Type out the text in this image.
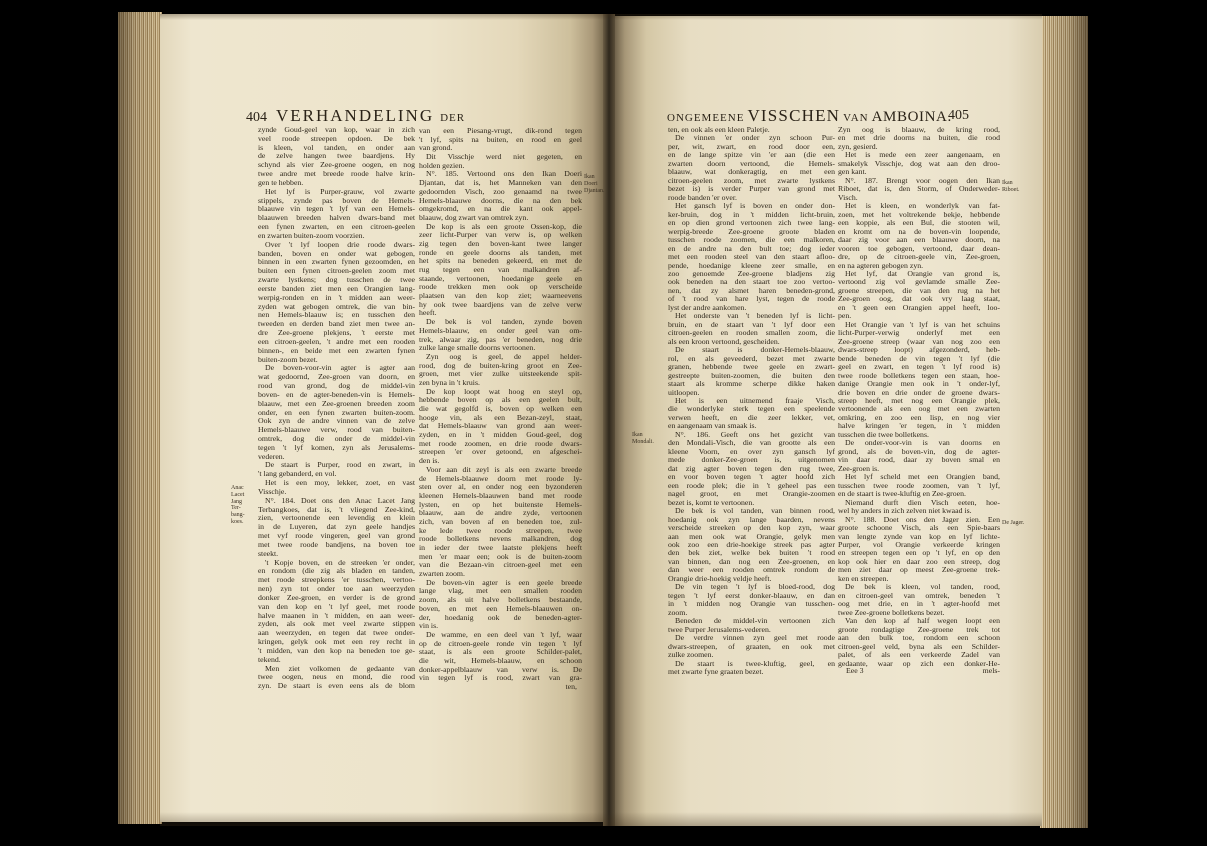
404 VERHANDELING DER	ONGEMEENE VISSCHEN VAN AMBOINA.
405
zynde Goud-geel van kop, waar in zich
veel roode streepen opdoen. De bek
is kleen, vol tanden, en onder aan
de zelve hangen twee baardjens. Hy
schynd als vier Zee-groene oogen, en nog
twee andre met breede roode halve krin-
gen te hebben.
Het lyf is Purper-grauw, vol zwarte
stippels, zynde pas boven de Hemels-
blaauwe vin tegen 't lyf van een Hemels-
blaauwen breeden halven dwars-band met
een fynen zwarten, en een citroen-geelen
en zwarten buiten-zoom voorzien.
Over 't lyf loopen drie roode dwars-
banden, boven en onder wat gebogen,
binnen in een zwarten fynen gezoomden, en
buiten een fynen citroen-geelen zoom met
zwarte lystkens; dog tusschen de twee
eerste banden ziet men een Orangien lang-
werpig-ronden en in 't midden aan weer-
zyden wat gebogen omtrek, die van bin-
nen Hemels-blaauw is; en tusschen den
tweeden en derden band ziet men twee an-
dre Zee-groene plekjens, 't eerste met
een citroen-geelen, 't andre met een rooden
binnen-, en beide met een zwarten fynen
buiten-zoom bezet.
De boven-voor-vin agter is agter aan
wat gedoornd, Zee-groen van doorn, en
rood van grond, dog de middel-vin
boven- en de agter-beneden-vin is Hemels-
blaauw, met een Zee-groenen breeden zoom
onder, en een fynen zwarten buiten-zoom.
Ook zyn de andre vinnen van de zelve
Hemels-blaauwe verw, rood van buiten-
omtrek, dog die onder de middel-vin
tegen 't lyf komen, zyn als Jerusalems-
vederen.
De staart is Purper, rood en zwart, in
't lang gebanderd, en vol.
Het is een moy, lekker, zoet, en vast
Visschje.
N°. 184. Doet ons den Anac Lacet Jang
Terbangkoes, dat is, 't vliegend Zee-kind,
zien, vertoonende een levendig en klein
in de Luyeren, dat zyn geele handjes
met vyf roode vingeren, geel van grond
met twee roode bandjens, na boven toe
steekt.
't Kopje boven, en de streeken 'er onder,
en rondom (die zig als bladen en tanden,
met roode streepkens 'er tusschen, vertoo-
nen) zyn tot onder toe aan weerzyden
donker Zee-groen, en verder is de grond
van den kop en 't lyf geel, met roode
halve maanen in 't midden, en aan weer-
zyden, als ook met veel zwarte stippen
aan weerzyden, en tegen dat twee onder-
kringen, gelyk ook met een rey recht in
't midden, van den kop na beneden toe ge-
tekend.
Men ziet volkomen de gedaante van
twee oogen, neus en mond, die rood
zyn. De staart is even eens als de blom
van een Piesang-vrugt, dik-rond tegen
't lyf, spits na buiten, en rood en geel
van grond.
Dit Visschje werd niet gegeten, en
holden gezien.
N°. 185. Vertoond ons den Ikan Doeri
Djantan, dat is, het Manneken van den
gedoornden Visch, zoo genaamd na twee
Hemels-blaauwe doorns, die na den bek
omgekromd, en na die kant ook appel-
blaauw, dog zwart van omtrek zyn.
De kop is als een groote Ossen-kop, die
zeer licht-Purper van verw is, op welken
zig tegen den boven-kant twee langer
ronde en geele doorns als tanden, met
het spits na beneden gekeerd, en met de
rug tegen een van malkandren af-
staande, vertoonen, hoedanige geele en
roode trekken men ook op verscheide
plaatsen van den kop ziet; waarneevens
hy ook twee baardjens van de zelve verw
heeft.
De bek is vol tanden, zynde boven
Hemels-blaauw, en onder geel van om-
trek, alwaar zig, pas 'er beneden, nog drie
zulke lange smalle doorns vertoonen.
Zyn oog is geel, de appel helder-
rood, dog de buiten-kring groot en Zee-
groen, met vier zulke uitsteekende spit-
zen byna in 't kruis.
De kop loopt wat hoog en steyl op,
hebbende boven op als een geelen bult,
die wat gegolfd is, boven op welken een
hooge vin, als een Bezan-zeyl, staat,
dat Hemels-blaauw van grond aan weer-
zyden, en in 't midden Goud-geel, dog
met roode zoomen, en drie roode dwars-
streepen 'er over getoond, en afgeschei-
den is.
Voor aan dit zeyl is als een zwarte breede
de Hemels-blaauwe doorn met roode ly-
sten over al, en onder nog een byzonderen
kleenen Hemels-blaauwen band met roode
lysten, en op het buitenste Hemels-
blaauw, aan de andre zyde, vertoonen
zich, van boven af en beneden toe, zul-
ke lede twee roode streepen, twee
roode bolletkens nevens malkandren, dog
in ieder der twee laatste plekjens heeft
men 'er maar een; ook is de buiten-zoom
van die Bezaan-vin citroen-geel met een
zwarten zoom.
De boven-vin agter is een geele breede
lange vlag, met een smallen rooden
zoom, als uit halve bolletkens bestaande,
boven, en met een Hemels-blaauwen on-
der, hoedanig ook de beneden-agter-
vin is.
De wamme, en een deel van 't lyf, waar
op de citroen-geele ronde vin tegen 't lyf
staat, is als een groote Schilder-palet,
die wit, Hemels-blaauw, en schoon
donker-appelblaauw van verw is. De
vin tegen lyf is rood, zwart van gra-
ten, en ook als een kleen Paletje.
De vinnen 'er onder zyn schoon Pur-
per, wit, zwart, en rood door een,
en de lange spitze vin 'er aan (die een
zwarten doorn vertoond, die Hemels-
blaauw, wat donkeragtig, en met een
citroen-geelen zoom, met zwarte lystkens
bezet is) is verder Purper van grond met
roode banden 'er over.
Het gansch lyf is boven en onder don-
ker-bruin, dog in 't midden licht-bruin,
en op dien grond vertoonen zich twee lang-
werpig-breede Zee-groene groote bladen
tusschen roode zoomen, die een malkoren,
en de andre na den bult toe; dog ieder
met een rooden steel van den staart afloo-
pende, hoedanige kleene zeer smalle, en
zoo genoemde Zee-groene bladjens zig
ook beneden na den staart toe zoo vertoo-
nen, dat zy alsmet haren beneden-grond,
of 't rood van hare lyst, tegen de roode
lyst der andre aankomen.
Het onderste van 't beneden lyf is licht-
bruin, en de staart van 't lyf door een
citroen-geelen en rooden smallen zoom, die
als een kroon vertoond, gescheiden.
De staart is donker-Hemels-blaauw,
rol, en als geveederd, bezet met zwarte
granen, hebbende twee geele en zwart-
gestreepte buiten-zoomen, die buiten den
staart als kromme scherpe dikke haken
uitloopen.
Het is een uitnemend fraaje Visch,
die wonderlyke sterk tegen een speelende
verwen heeft, en die zeer lekker, vet,
en aangenaam van smaak is.
N°. 186. Geeft ons het gezicht van
den Mondali-Visch, die van grootte als een
kleene Voorn, en over zyn gansch lyf
mede donker-Zee-groen is, uitgenomen
dat zig agter boven tegen den rug twee,
en voor boven tegen 't agter hoofd zich
een roode plek; die in 't geheel pas een
nagel groot, en met Orangie-zoomen
bezet is, komt te vertoonen.
De bek is vol tanden, van binnen rood,
hoedanig ook zyn lange baarden, nevens
verscheide streeken op den kop zyn, waar
aan men ook wat Orangie, gelyk men
ook zoo een drie-hoekige streek pas agter
den bek ziet, welke bek buiten 't rood
van binnen, dan nog een Zee-groenen, en
dan weer een rooden omtrek rondom de
Orangie drie-hoekig veldje heeft.
De vin tegen 't lyf is bloed-rood, dog
tegen 't lyf eerst donker-blaauw, en dan
in 't midden nog Orangie van tusschen-
zoom.
Beneden de middel-vin vertoonen zich
twee Purper Jerusalems-vederen.
De verdre vinnen zyn geel met roode
dwars-streepen, of graaten, en ook met
zulke zoomen.
De staart is twee-kluftig, geel, en
met zwarte fyne graaten bezet.
Zyn oog is blaauw, de kring rood,
en met drie doorns na buiten, die rood
zyn, gesierd.
Het is mede een zeer aangenaam, en
smakelyk Visschje, dog wat aan den droo-
gen kant.
N°. 187. Brengt voor oogen den Ikan
Riboet, dat is, den Storm, of Onderweder-
Visch.
Het is kleen, en wonderlyk van fat-
zoen, met het voltrekende bekje, hebbende
een koppie, als een Bul, die stooten wil,
en kromt om na de boven-vin loopende,
daar zig voor aan een blaauwe doorn, na
vooren toe gebogen, vertoond, daar dean-
dre, op de citroen-geele vin, Zee-groen,
en na agteren gebogen zyn.
Het lyf, dat Orangie van grond is,
vertoond zig vol gevlamde smalle Zee-
groene streepen, die van den rug na het
Zee-groen oog, dat ook vry laag staat,
en 't geen een Orangien appel heeft, loo-
pen.
Het Orangie van 't lyf is van het schuins
licht-Purper-verwig onderlyf met een
Zee-groene streep (waar van nog zoo een
dwars-streep loopt) afgezonderd, heb-
bende beneden de vin tegen 't lyf (die
geel en zwart, en tegen 't lyf rood is)
twee roode bolletkens tegen een staan, hoe-
danige Orangie men ook in 't onder-lyf,
drie boven en drie onder de groene dwars-
streep heeft, met nog een Orangie plek,
vertoonende als een oog met een zwarten
omkring, en zoo een lisp, en nog vier
halve kringen 'er tegen, in 't midden
tusschen die twee bolletkens.
De onder-voor-vin is van doorns en
grond, als de boven-vin, dog de agter-
vin daar rood, daar zy boven smal en
Zee-groen is.
Het lyf scheld met een Orangien band,
tusschen twee roode zoomen, van 't lyf,
en de staart is twee-kluftig en Zee-groen.
Niemand durft dien Visch eeten, hoe-
wel hy anders in zich zelven niet kwaad is.
N°. 188. Doet ons den Jager zien. Een
groote schoone Visch, als een Spie-baars
van lengte zynde van kop en lyf lichte-
Purper, vol Orangie verkeerde kringen
en streepen tegen een op 't lyf, en op den
kop ook hier en daar zoo een streep, dog
men ziet daar op meest Zee-groene trek-
ken en streepen.
De bek is kleen, vol tanden, rood,
en citroen-geel van omtrek, beneden 't
oog met drie, en in 't agter-hoofd met
twee Zee-groene bolletkens bezet.
Van den kop af half wegen loopt een
groote rondagtige Zee-groene trek tot
aan den bulk toe, rondom een schoon
citroen-geel veld, byna als een Schilder-
palet, of als een verkeerde Zadel van
gedaante, waar op zich een donker-He-
ten,
Eee 3	mels-
Anac
Lacet
Jang
Ter-
bang-
koes.
Ikan
Doeri
Djantan.
Ikan
Mondali.
Ikan
Riboet.
De Jager.
